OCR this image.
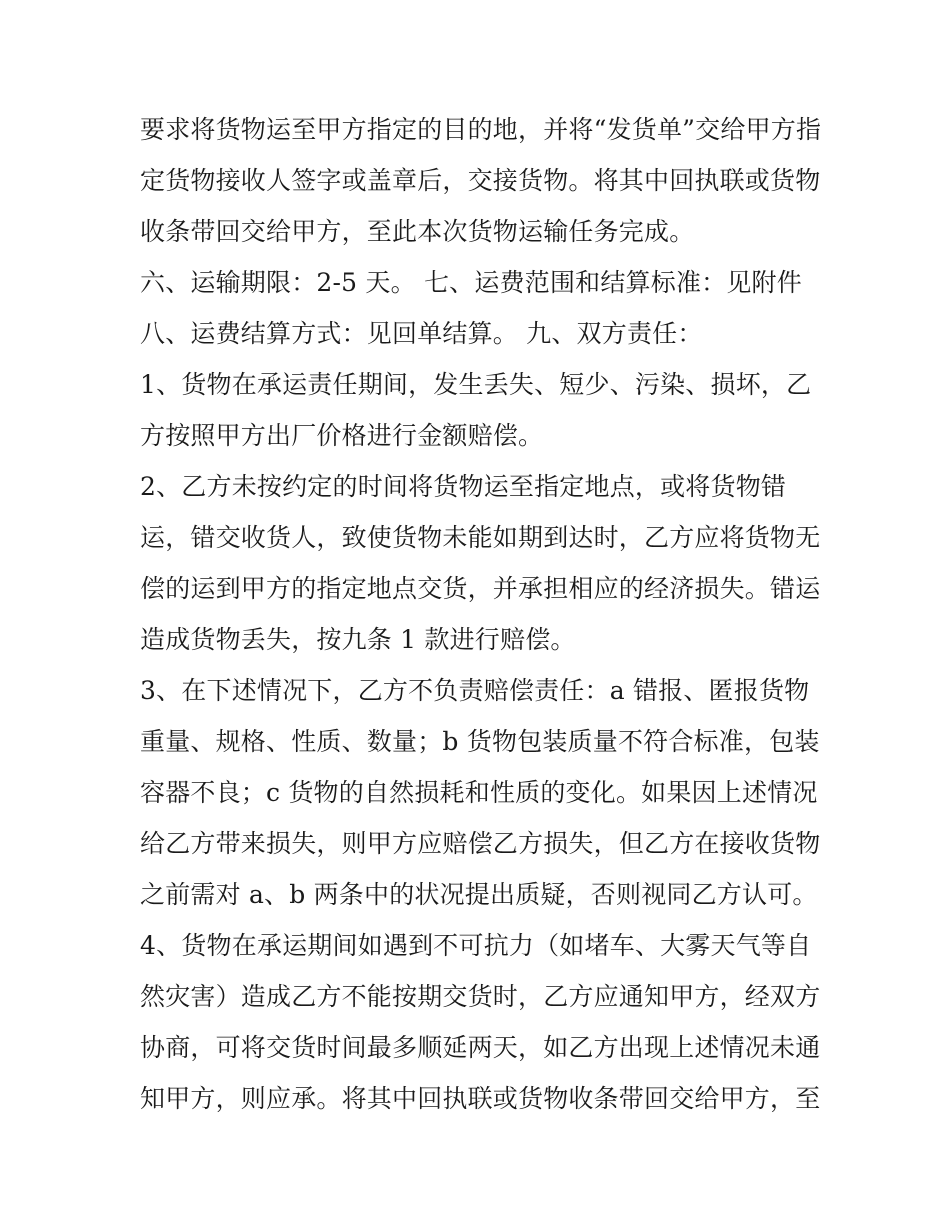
要求将货物运至甲方指定的目的地，并将“发货单”交给甲方指
定货物接收人签字或盖章后，交接货物。将其中回执联或货物
收条带回交给甲方，至此本次货物运输任务完成。
六、运输期限：2-5 天。 七、运费范围和结算标准：见附件
八、运费结算方式：见回单结算。 九、双方责任：
1、货物在承运责任期间，发生丢失、短少、污染、损坏，乙
方按照甲方出厂价格进行金额赔偿。
2、乙方未按约定的时间将货物运至指定地点，或将货物错
运，错交收货人，致使货物未能如期到达时，乙方应将货物无
偿的运到甲方的指定地点交货，并承担相应的经济损失。错运
造成货物丢失，按九条 1 款进行赔偿。
3、在下述情况下，乙方不负责赔偿责任：a 错报、匿报货物
重量、规格、性质、数量；b 货物包装质量不符合标准，包装
容器不良；c 货物的自然损耗和性质的变化。如果因上述情况
给乙方带来损失，则甲方应赔偿乙方损失，但乙方在接收货物
之前需对 a、b 两条中的状况提出质疑，否则视同乙方认可。
4、货物在承运期间如遇到不可抗力（如堵车、大雾天气等自
然灾害）造成乙方不能按期交货时，乙方应通知甲方，经双方
协商，可将交货时间最多顺延两天，如乙方出现上述情况未通
知甲方，则应承。将其中回执联或货物收条带回交给甲方，至
